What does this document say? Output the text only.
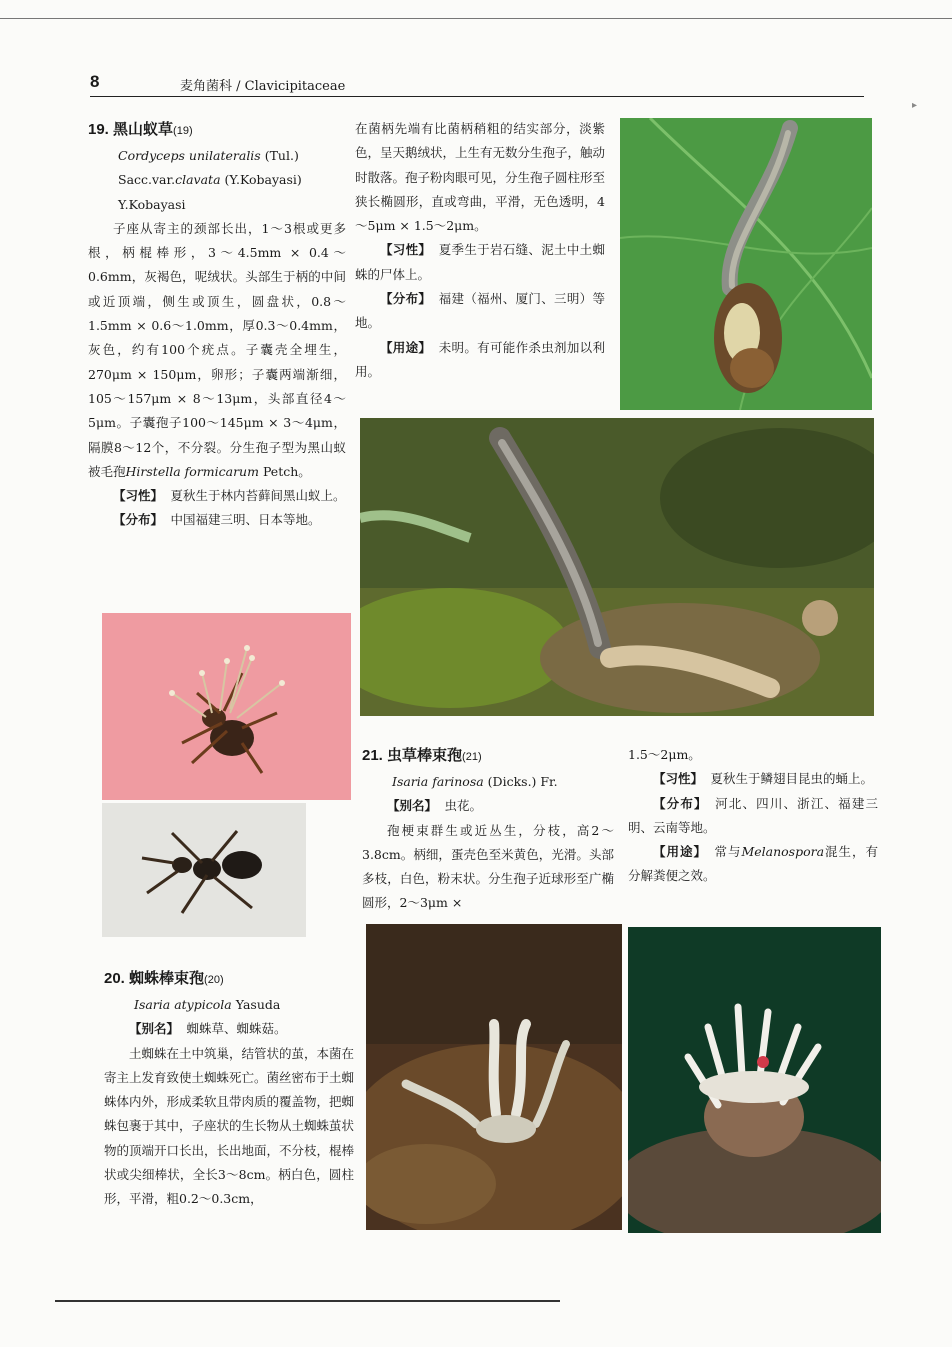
8	麦角菌科 / Clavicipitaceae

19. 黑山蚁草(19)

Cordyceps unilateralis (Tul.)

Sacc.var.clavata (Y.Kobayasi)

Y.Kobayasi

子座从寄主的颈部长出，1～3根或更多根，柄棍棒形，3～4.5mm × 0.4～0.6mm，灰褐色，呢绒状。头部生于柄的中间或近顶端，侧生或顶生，圆盘状，0.8～1.5mm × 0.6～1.0mm，厚0.3～0.4mm，灰色，约有100个疣点。子囊壳全埋生，270μm × 150μm，卵形；子囊两端渐细，105～157μm × 8～13μm，头部直径4～5μm。子囊孢子100～145μm × 3～4μm，隔膜8～12个，不分裂。分生孢子型为黑山蚁被毛孢Hirstella formicarum Petch。

【习性】 夏秋生于林内苔藓间黑山蚁上。

【分布】 中国福建三明、日本等地。

在菌柄先端有比菌柄稍粗的结实部分，淡紫色，呈天鹅绒状，上生有无数分生孢子，触动时散落。孢子粉肉眼可见，分生孢子圆柱形至狭长椭圆形，直或弯曲，平滑，无色透明，4～5μm × 1.5～2μm。

【习性】 夏季生于岩石缝、泥土中土蜘蛛的尸体上。

【分布】 福建（福州、厦门、三明）等地。

【用途】 未明。有可能作杀虫剂加以利用。

20. 蜘蛛棒束孢(20)

Isaria atypicola Yasuda

【别名】 蜘蛛草、蜘蛛菇。

土蜘蛛在土中筑巢，结管状的茧，本菌在寄主上发育致使土蜘蛛死亡。菌丝密布于土蜘蛛体内外，形成柔软且带肉质的覆盖物，把蜘蛛包裹于其中，子座状的生长物从土蜘蛛茧状物的顶端开口长出，长出地面，不分枝，棍棒状或尖细棒状，全长3～8cm。柄白色，圆柱形，平滑，粗0.2～0.3cm，

21. 虫草棒束孢(21)

Isaria farinosa (Dicks.) Fr.

【别名】 虫花。

孢梗束群生或近丛生，分枝，高2～3.8cm。柄细，蛋壳色至米黄色，光滑。头部多枝，白色，粉末状。分生孢子近球形至广椭圆形，2～3μm ×

1.5～2μm。

【习性】 夏秋生于鳞翅目昆虫的蛹上。

【分布】 河北、四川、浙江、福建三明、云南等地。

【用途】 常与Melanospora混生，有分解粪便之效。

▸
